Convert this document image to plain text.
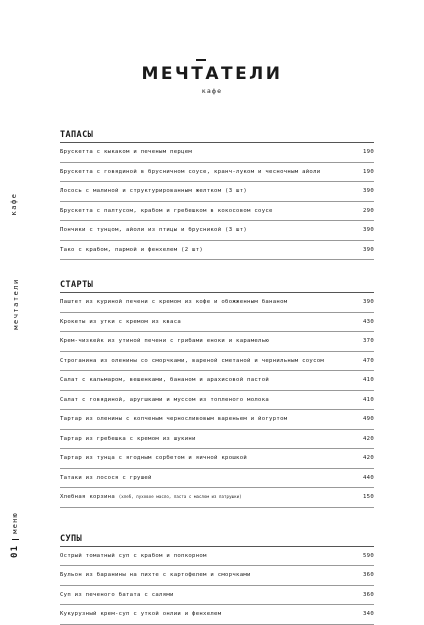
МЕЧТАТЕЛИ
кафе
кафе
мечтатели
01
меню
ТАПАСЫ
Брускетта с кыкаком и печеным перцем	190
Брускетта с говядиной в брусничном соусе, кранч-луком и чесночным айоли	190
Лосось с малиной и структурированным желтком (3 шт)	390
Брускетта с палтусом, крабом и гребешком в кокосовом соусе	290
Пончики с тунцом, айоли из птицы и брусникой (3 шт)	390
Тако с крабом, пармой и фенхелем (2 шт)	390
СТАРТЫ
Паштет из куриной печени с кремом из кофе и обожженным бананом	390
Крокеты из утки с кремом из кваса	430
Крем-чизкейк из утиной печени с грибами еноки и карамелью	370
Строганина из оленины со сморчками, вареной сметаной и чернильным соусом	470
Салат с кальмаром, вешенками, бананом и арахисовой пастой	410
Салат с говядиной, аругшками и муссом из топленого молока	410
Тартар из оленины с копченым черносливовым вареньем и йогуртом	490
Тартар из гребешка с кремом из шукини	420
Тартар из тунца с ягодным сорбетом и яичной крошкой	420
Татаки из лосося с грушей	440
Хлебная корзина (хлеб, пуховое масло, паста с маслом из патрушки)	150
СУПЫ
Острый томатный суп с крабом и попкорном	590
Бульон из баранины на пихте с картофелем и сморчками	360
Суп из печеного батата с салями	360
Кукурузный крем-суп с уткой онлии и фенхелем	340
